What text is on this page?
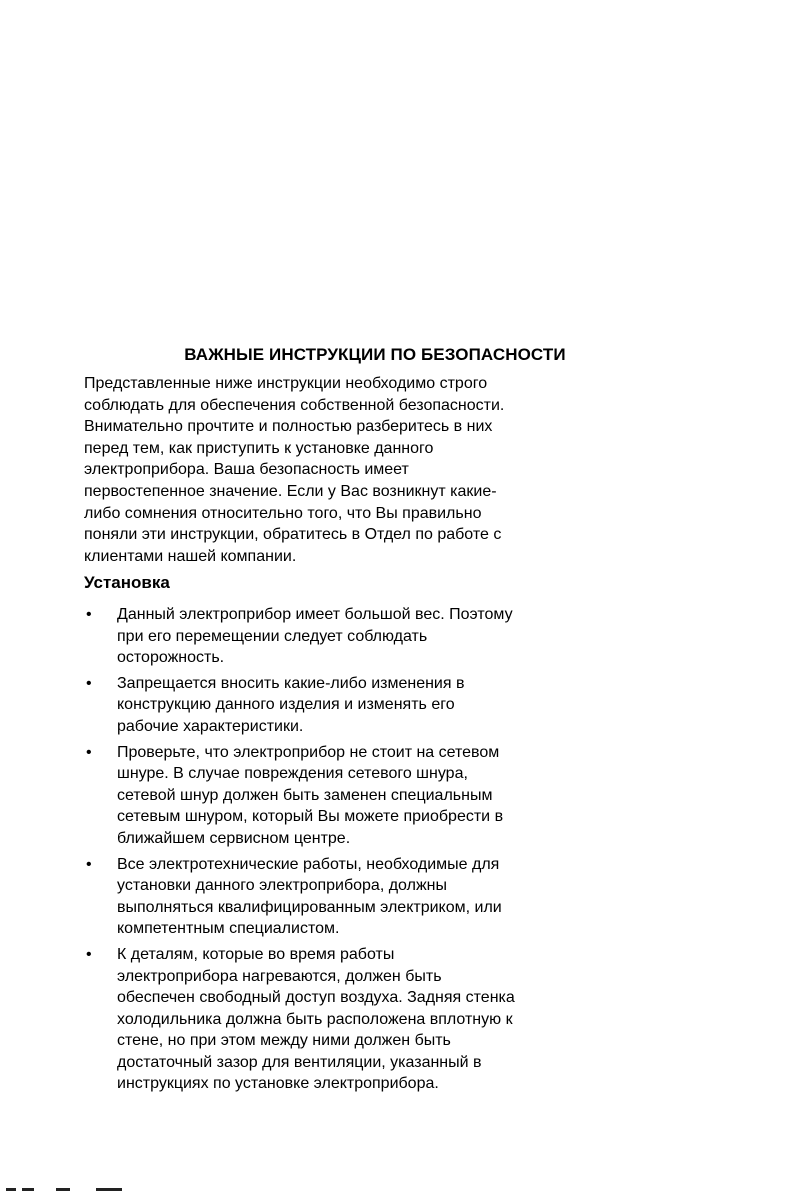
ВАЖНЫЕ ИНСТРУКЦИИ ПО БЕЗОПАСНОСТИ
Представленные ниже инструкции необходимо строго
соблюдать для обеспечения собственной безопасности.
Внимательно прочтите и полностью разберитесь в них
перед тем, как приступить к установке данного
электроприбора. Ваша безопасность имеет
первостепенное значение. Если у Вас возникнут какие-
либо сомнения относительно того, что Вы правильно
поняли эти инструкции, обратитесь в Отдел по работе с
клиентами нашей компании.
Установка
• Данный электроприбор имеет большой вес. Поэтому
при его перемещении следует соблюдать
осторожность.
• Запрещается вносить какие-либо изменения в
конструкцию данного изделия и изменять его
рабочие характеристики.
• Проверьте, что электроприбор не стоит на сетевом
шнуре. В случае повреждения сетевого шнура,
сетевой шнур должен быть заменен специальным
сетевым шнуром, который Вы можете приобрести в
ближайшем сервисном центре.
• Все электротехнические работы, необходимые для
установки данного электроприбора, должны
выполняться квалифицированным электриком, или
компетентным специалистом.
• К деталям, которые во время работы
электроприбора нагреваются, должен быть
обеспечен свободный доступ воздуха. Задняя стенка
холодильника должна быть расположена вплотную к
стене, но при этом между ними должен быть
достаточный зазор для вентиляции, указанный в
инструкциях по установке электроприбора.
